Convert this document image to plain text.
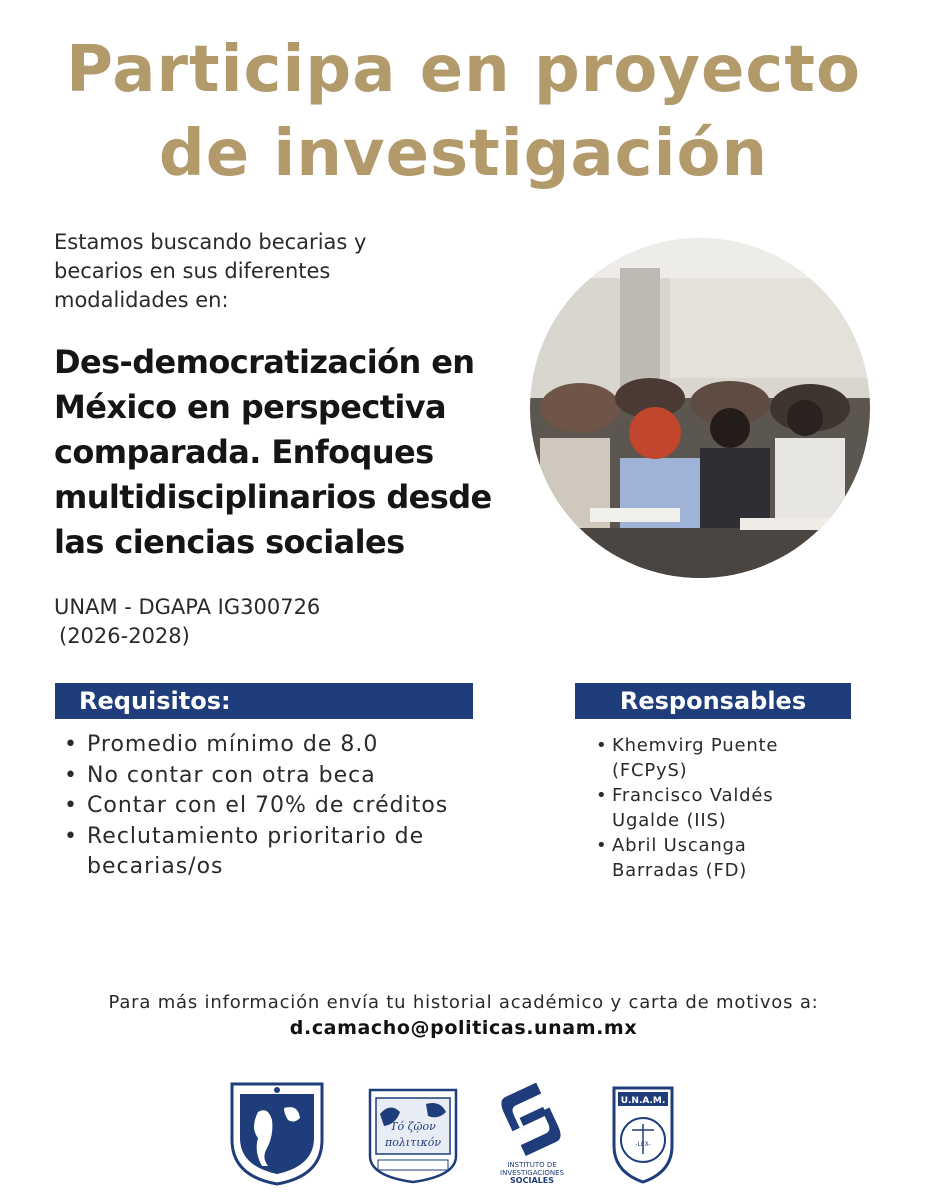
Participa en proyecto
de investigación
Estamos buscando becarias y
becarios en sus diferentes
modalidades en:
Des-democratización en
México en perspectiva
comparada. Enfoques
multidisciplinarios desde
las ciencias sociales
UNAM - DGAPA IG300726
(2026-2028)
Requisitos:
• Promedio mínimo de 8.0
• No contar con otra beca
• Contar con el 70% de créditos
• Reclutamiento prioritario de becarias/os
Responsables
• Khemvirg Puente (FCPyS)
• Francisco Valdés Ugalde (IIS)
• Abril Uscanga Barradas (FD)
Para más información envía tu historial académico y carta de motivos a:
d.camacho@politicas.unam.mx
Τό ζῷον
πολιτικόν
INSTITUTO DE
INVESTIGACIONES
SOCIALES
U.N.A.M.
-LEX-
